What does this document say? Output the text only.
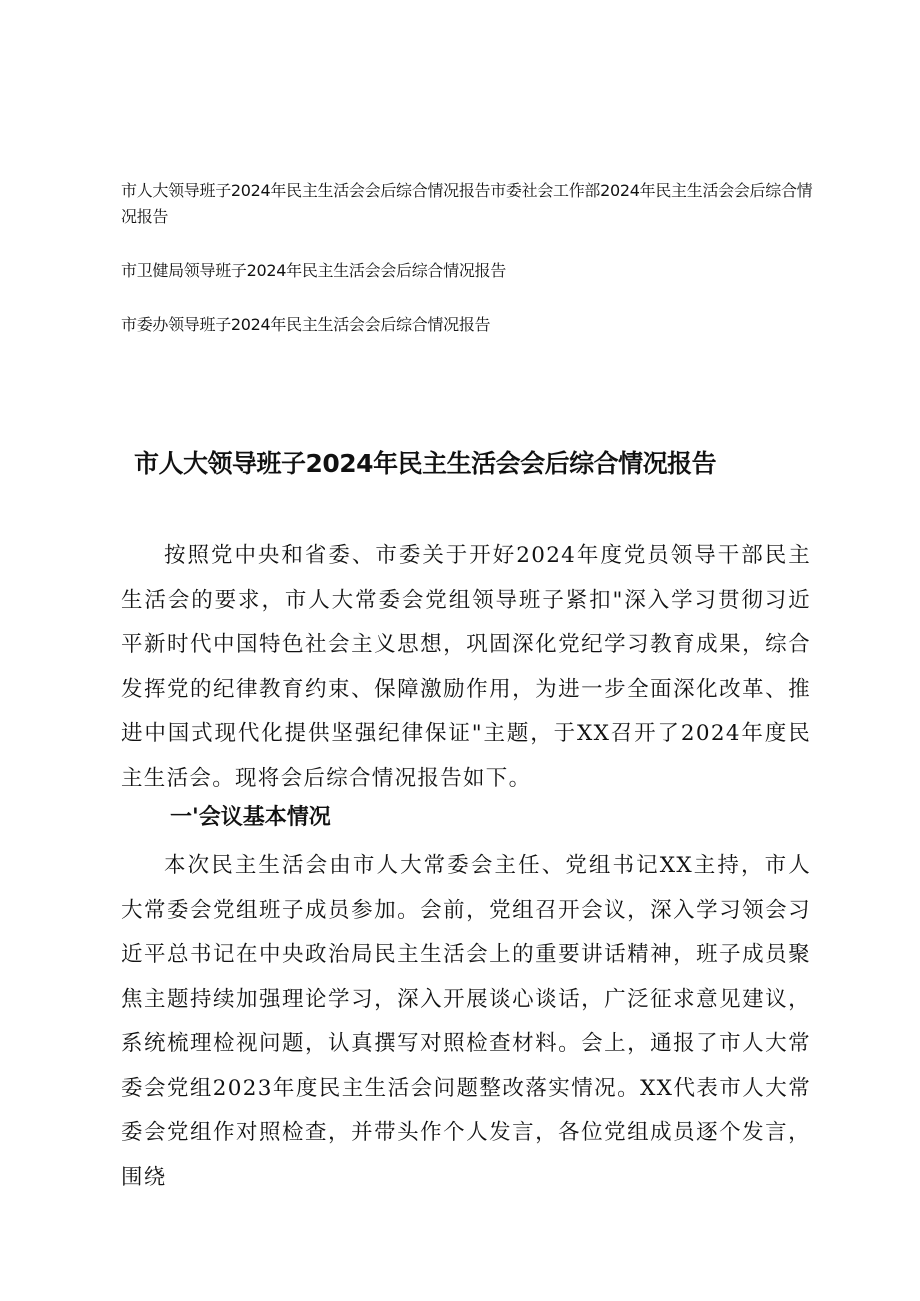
市人大领导班子2024年民主生活会会后综合情况报告市委社会工作部2024年民主生活会会后综合情况报告

市卫健局领导班子2024年民主生活会会后综合情况报告

市委办领导班子2024年民主生活会会后综合情况报告

市人大领导班子2024年民主生活会会后综合情况报告

按照党中央和省委、市委关于开好2024年度党员领导干部民主生活会的要求，市人大常委会党组领导班子紧扣"深入学习贯彻习近平新时代中国特色社会主义思想，巩固深化党纪学习教育成果，综合发挥党的纪律教育约束、保障激励作用，为进一步全面深化改革、推进中国式现代化提供坚强纪律保证"主题，于XX召开了2024年度民主生活会。现将会后综合情况报告如下。

一'会议基本情况

本次民主生活会由市人大常委会主任、党组书记XX主持，市人大常委会党组班子成员参加。会前，党组召开会议，深入学习领会习近平总书记在中央政治局民主生活会上的重要讲话精神，班子成员聚焦主题持续加强理论学习，深入开展谈心谈话，广泛征求意见建议，系统梳理检视问题，认真撰写对照检查材料。会上，通报了市人大常委会党组2023年度民主生活会问题整改落实情况。XX代表市人大常委会党组作对照检查，并带头作个人发言，各位党组成员逐个发言，围绕
